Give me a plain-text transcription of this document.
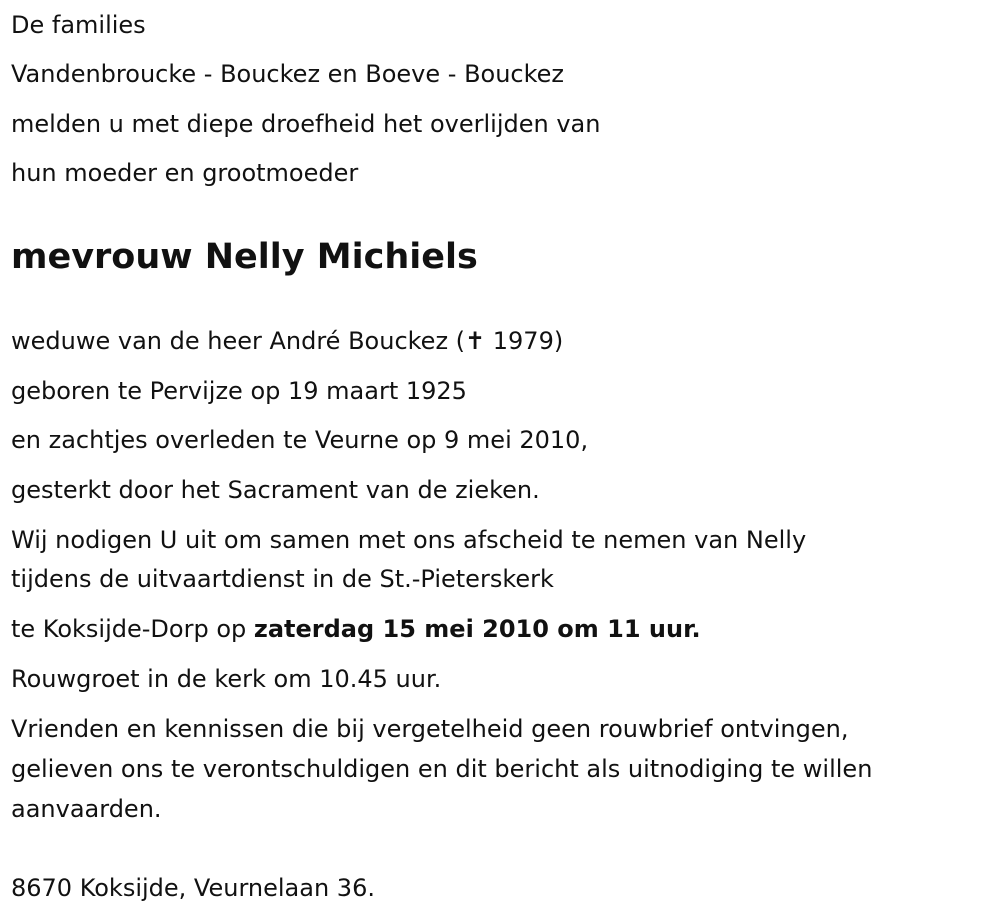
De families

Vandenbroucke - Bouckez en Boeve - Bouckez

melden u met diepe droefheid het overlijden van

hun moeder en grootmoeder

mevrouw Nelly Michiels

weduwe van de heer André Bouckez (✝ 1979)

geboren te Pervijze op 19 maart 1925

en zachtjes overleden te Veurne op 9 mei 2010,

gesterkt door het Sacrament van de zieken.

Wij nodigen U uit om samen met ons afscheid te nemen van Nelly

tijdens de uitvaartdienst in de St.-Pieterskerk

te Koksijde-Dorp op zaterdag 15 mei 2010 om 11 uur.

Rouwgroet in de kerk om 10.45 uur.

Vrienden en kennissen die bij vergetelheid geen rouwbrief ontvingen,

gelieven ons te verontschuldigen en dit bericht als uitnodiging te willen

aanvaarden.

8670 Koksijde, Veurnelaan 36.
